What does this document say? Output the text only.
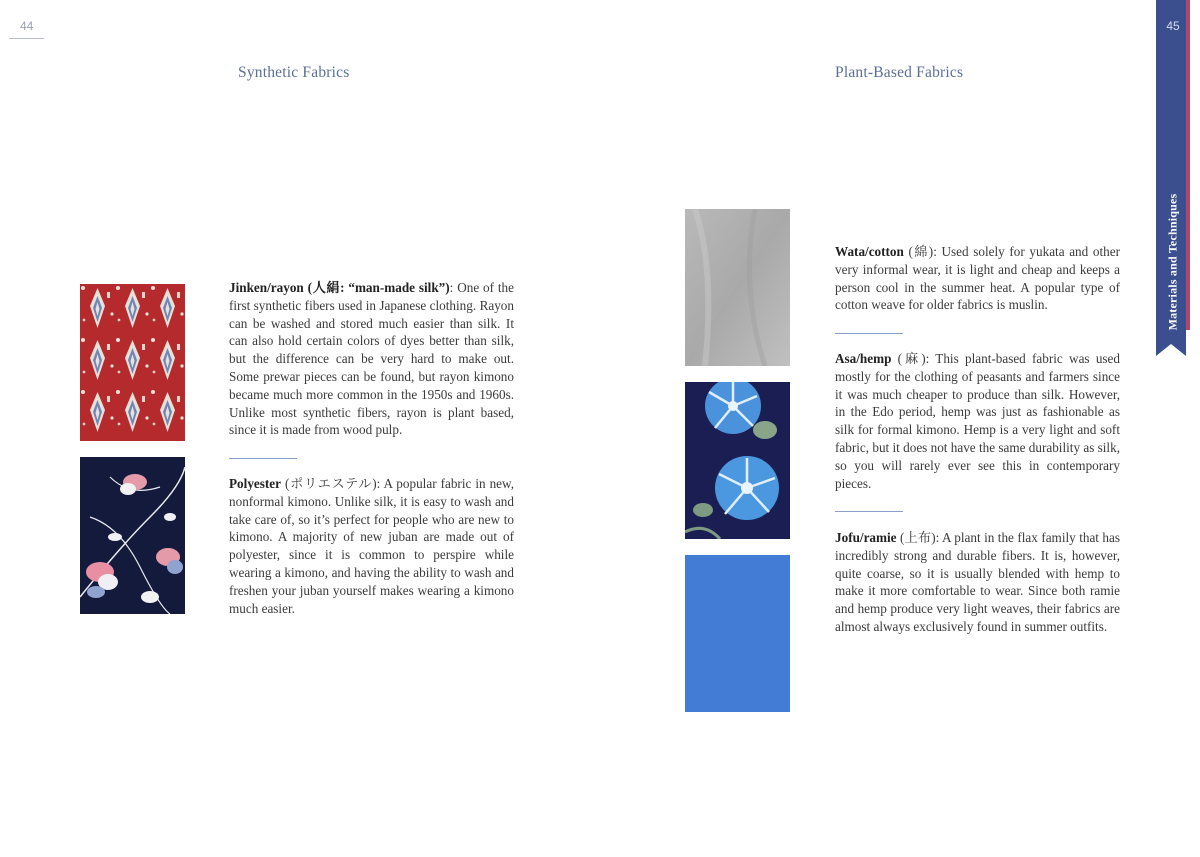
44
Synthetic Fabrics
Jinken/rayon (人絹: “man-made silk”): One of the first synthetic fibers used in Japanese clothing. Rayon can be washed and stored much easier than silk. It can also hold certain colors of dyes better than silk, but the difference can be very hard to make out. Some prewar pieces can be found, but rayon kimono became much more common in the 1950s and 1960s. Unlike most synthetic fibers, rayon is plant based, since it is made from wood pulp.
Polyester (ポリエステル): A popular fabric in new, nonformal kimono. Unlike silk, it is easy to wash and take care of, so it’s perfect for people who are new to kimono. A majority of new juban are made out of polyester, since it is common to perspire while wearing a kimono, and having the ability to wash and freshen your juban yourself makes wearing a kimono much easier.
Plant-Based Fabrics
Wata/cotton (綿): Used solely for yukata and other very informal wear, it is light and cheap and keeps a person cool in the summer heat. A popular type of cotton weave for older fabrics is muslin.
Asa/hemp (麻): This plant-based fabric was used mostly for the clothing of peasants and farmers since it was much cheaper to produce than silk. However, in the Edo period, hemp was just as fashionable as silk for formal kimono. Hemp is a very light and soft fabric, but it does not have the same durability as silk, so you will rarely ever see this in contemporary pieces.
Jofu/ramie (上布): A plant in the flax family that has incredibly strong and durable fibers. It is, however, quite coarse, so it is usually blended with hemp to make it more comfortable to wear. Since both ramie and hemp produce very light weaves, their fabrics are almost always exclusively found in summer outfits.
45
Materials and Techniques
